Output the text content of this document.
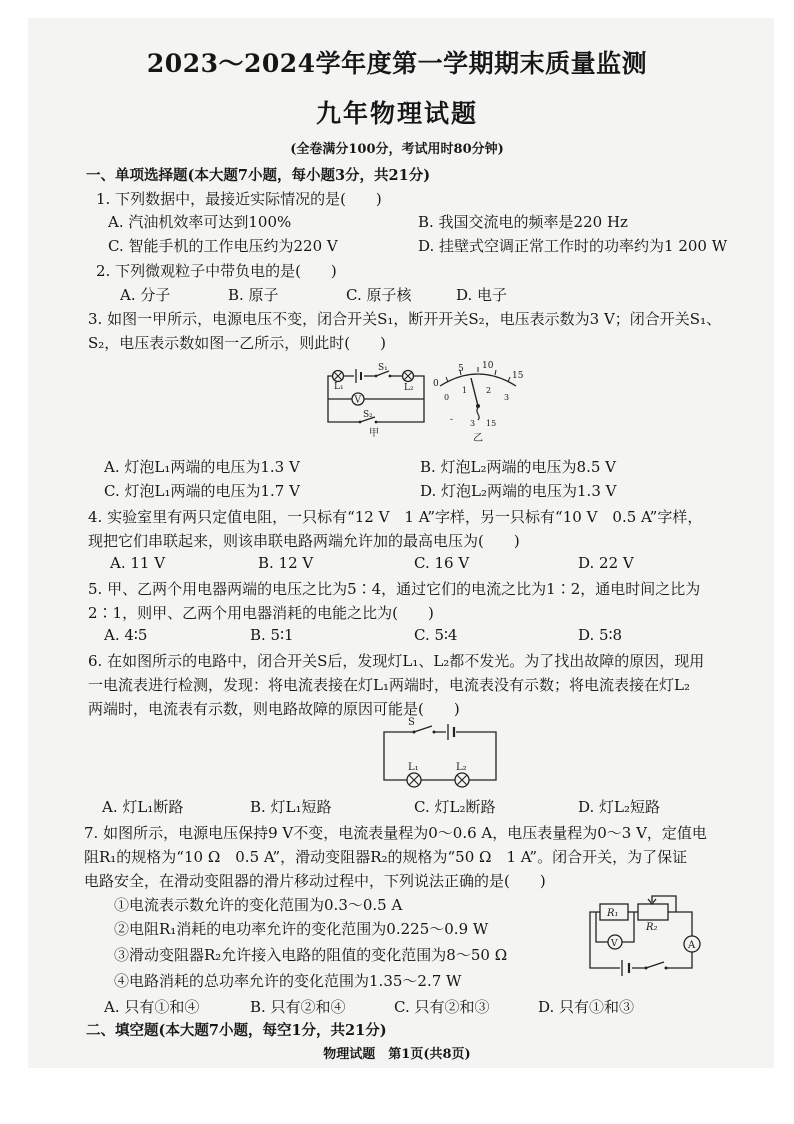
2023～2024学年度第一学期期末质量监测
九年物理试题
(全卷满分100分，考试用时80分钟)
一、单项选择题(本大题7小题，每小题3分，共21分)
1. 下列数据中，最接近实际情况的是(　　)
A. 汽油机效率可达到100%	B. 我国交流电的频率是220 Hz
C. 智能手机的工作电压约为220 V	D. 挂壁式空调正常工作时的功率约为1 200 W
2. 下列微观粒子中带负电的是(　　)
A. 分子	B. 原子	C. 原子核	D. 电子
3. 如图一甲所示，电源电压不变，闭合开关S₁，断开开关S₂，电压表示数为3 V；闭合开关S₁、
S₂，电压表示数如图一乙所示，则此时(　　)
L₁
S₁
L₂
V
S₂
甲
0
5 10
15
0
1 2
3
- 3 15
乙
A. 灯泡L₁两端的电压为1.3 V	B. 灯泡L₂两端的电压为8.5 V
C. 灯泡L₁两端的电压为1.7 V	D. 灯泡L₂两端的电压为1.3 V
4. 实验室里有两只定值电阻，一只标有“12 V　1 A”字样，另一只标有“10 V　0.5 A”字样，
现把它们串联起来，则该串联电路两端允许加的最高电压为(　　)
A. 11 V	B. 12 V	C. 16 V	D. 22 V
5. 甲、乙两个用电器两端的电压之比为5∶4，通过它们的电流之比为1∶2，通电时间之比为
2∶1，则甲、乙两个用电器消耗的电能之比为(　　)
A. 4∶5	B. 5∶1	C. 5∶4	D. 5∶8
6. 在如图所示的电路中，闭合开关S后，发现灯L₁、L₂都不发光。为了找出故障的原因，现用
一电流表进行检测，发现：将电流表接在灯L₁两端时，电流表没有示数；将电流表接在灯L₂
两端时，电流表有示数，则电路故障的原因可能是(　　)
S
L₁	L₂
A. 灯L₁断路	B. 灯L₁短路	C. 灯L₂断路	D. 灯L₂短路
7. 如图所示，电源电压保持9 V不变，电流表量程为0～0.6 A，电压表量程为0～3 V，定值电
阻R₁的规格为“10 Ω　0.5 A”，滑动变阻器R₂的规格为“50 Ω　1 A”。闭合开关，为了保证
电路安全，在滑动变阻器的滑片移动过程中，下列说法正确的是(　　)
①电流表示数允许的变化范围为0.3～0.5 A
②电阻R₁消耗的电功率允许的变化范围为0.225～0.9 W
③滑动变阻器R₂允许接入电路的阻值的变化范围为8～50 Ω
④电路消耗的总功率允许的变化范围为1.35～2.7 W
R₁
R₂
V	A
A. 只有①和④	B. 只有②和④	C. 只有②和③	D. 只有①和③
二、填空题(本大题7小题，每空1分，共21分)
物理试题　第1页(共8页)
